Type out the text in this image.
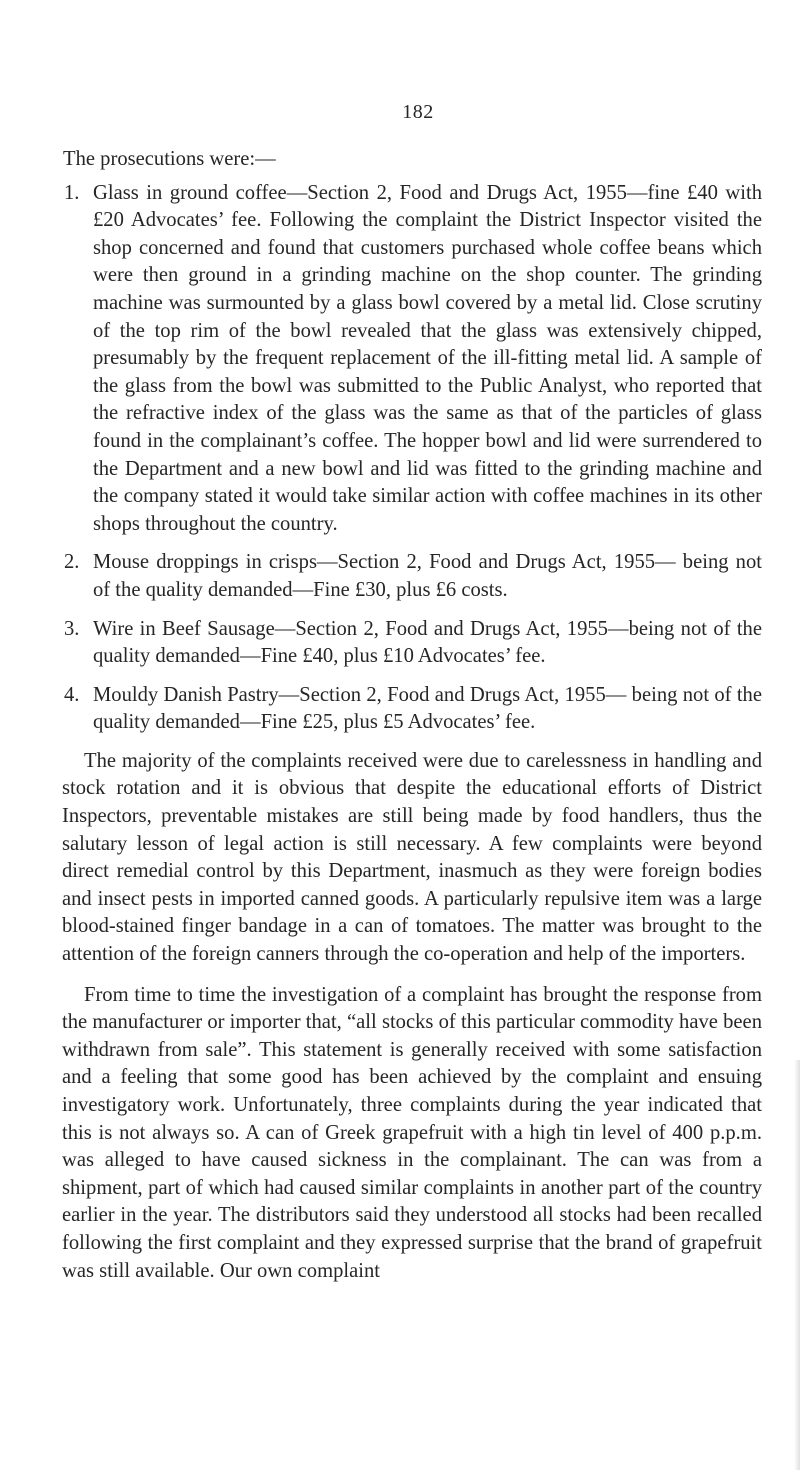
182

The prosecutions were:—

1. Glass in ground coffee—Section 2, Food and Drugs Act, 1955—fine £40 with £20 Advocates’ fee. Following the complaint the District Inspector visited the shop concerned and found that customers purchased whole coffee beans which were then ground in a grinding machine on the shop counter. The grinding machine was surmounted by a glass bowl covered by a metal lid. Close scrutiny of the top rim of the bowl revealed that the glass was extensively chipped, presumably by the frequent replacement of the ill-fitting metal lid. A sample of the glass from the bowl was submitted to the Public Analyst, who reported that the refractive index of the glass was the same as that of the particles of glass found in the complainant’s coffee. The hopper bowl and lid were surrendered to the Department and a new bowl and lid was fitted to the grinding machine and the company stated it would take similar action with coffee machines in its other shops throughout the country.
2. Mouse droppings in crisps—Section 2, Food and Drugs Act, 1955— being not of the quality demanded—Fine £30, plus £6 costs.
3. Wire in Beef Sausage—Section 2, Food and Drugs Act, 1955—being not of the quality demanded—Fine £40, plus £10 Advocates’ fee.
4. Mouldy Danish Pastry—Section 2, Food and Drugs Act, 1955— being not of the quality demanded—Fine £25, plus £5 Advocates’ fee.

The majority of the complaints received were due to carelessness in handling and stock rotation and it is obvious that despite the educational efforts of District Inspectors, preventable mistakes are still being made by food handlers, thus the salutary lesson of legal action is still necessary. A few complaints were beyond direct remedial control by this Department, inasmuch as they were foreign bodies and insect pests in imported canned goods. A particularly repulsive item was a large blood-stained finger bandage in a can of tomatoes. The matter was brought to the attention of the foreign canners through the co-operation and help of the importers.

From time to time the investigation of a complaint has brought the response from the manufacturer or importer that, “all stocks of this particular commodity have been withdrawn from sale”. This statement is generally received with some satisfaction and a feeling that some good has been achieved by the complaint and ensuing investigatory work. Unfortunately, three complaints during the year indicated that this is not always so. A can of Greek grapefruit with a high tin level of 400 p.p.m. was alleged to have caused sickness in the complainant. The can was from a shipment, part of which had caused similar complaints in another part of the country earlier in the year. The distributors said they understood all stocks had been recalled following the first complaint and they expressed surprise that the brand of grapefruit was still available. Our own complaint
